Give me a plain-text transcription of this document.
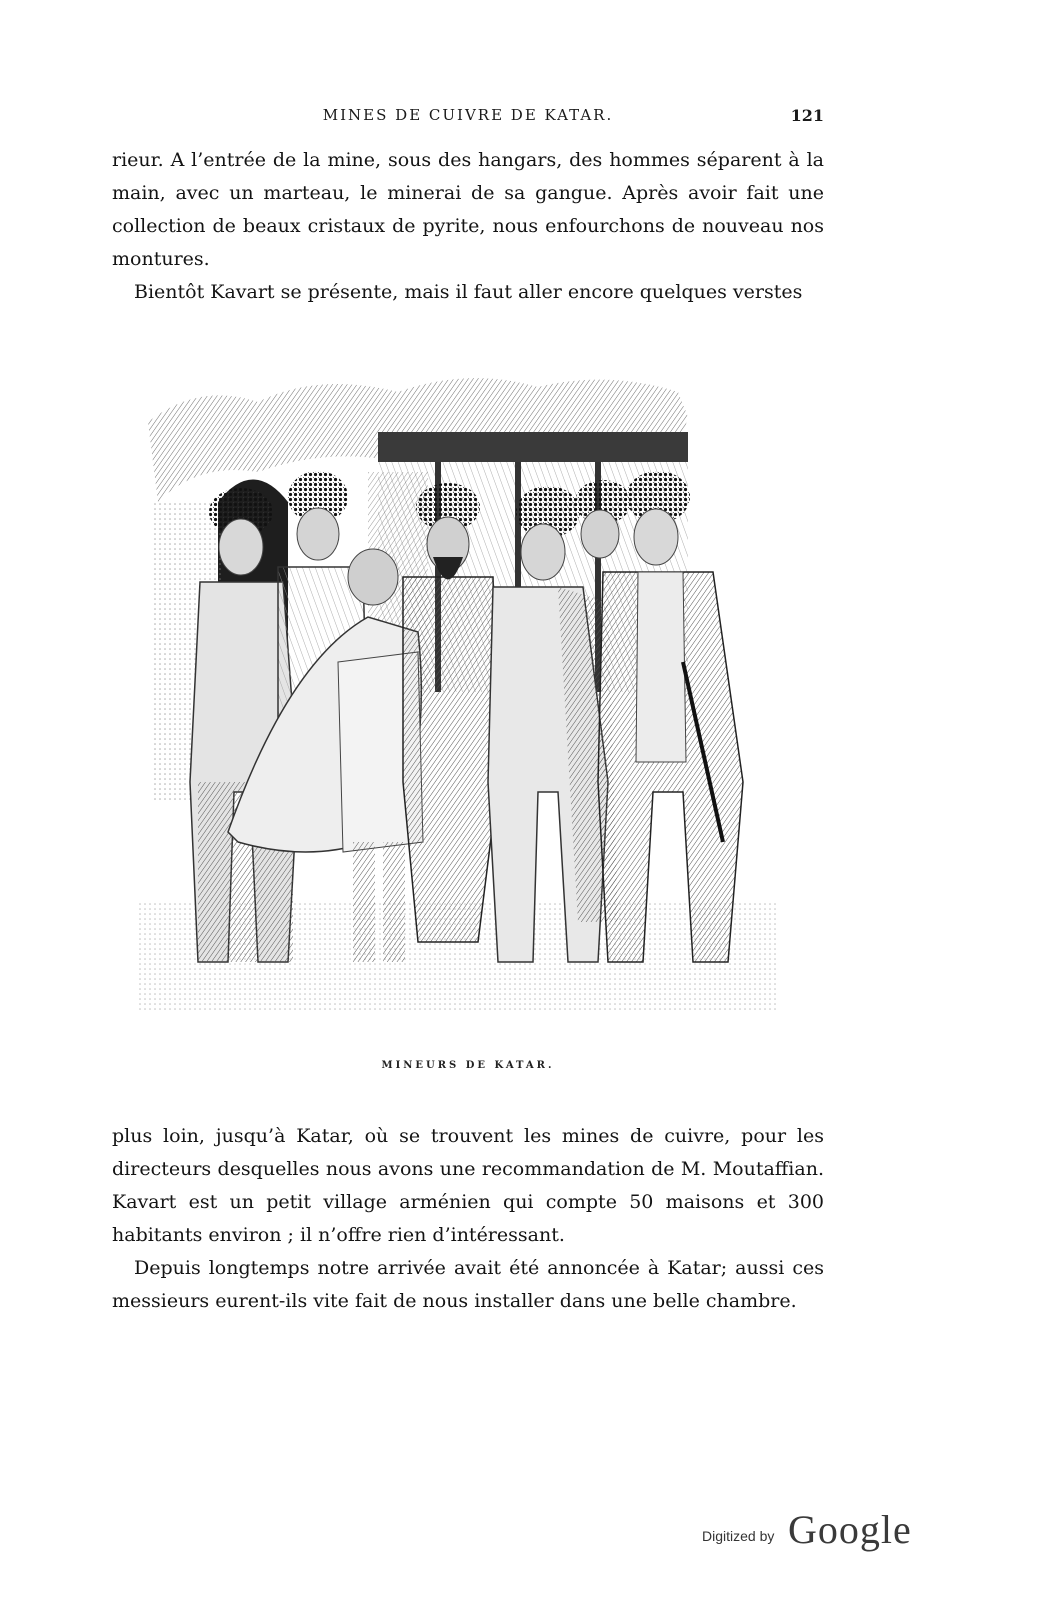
MINES DE CUIVRE DE KATAR.	121

rieur. A l’entrée de la mine, sous des hangars, des hommes séparent à la main, avec un marteau, le minerai de sa gangue. Après avoir fait une collection de beaux cristaux de pyrite, nous enfourchons de nouveau nos montures.

Bientôt Kavart se présente, mais il faut aller encore quelques verstes

MINEURS DE KATAR.

plus loin, jusqu’à Katar, où se trouvent les mines de cuivre, pour les directeurs desquelles nous avons une recommandation de M. Moutaffian. Kavart est un petit village arménien qui compte 50 maisons et 300 habitants environ ; il n’offre rien d’intéressant.

Depuis longtemps notre arrivée avait été annoncée à Katar; aussi ces messieurs eurent-ils vite fait de nous installer dans une belle chambre.

Digitized by Google
